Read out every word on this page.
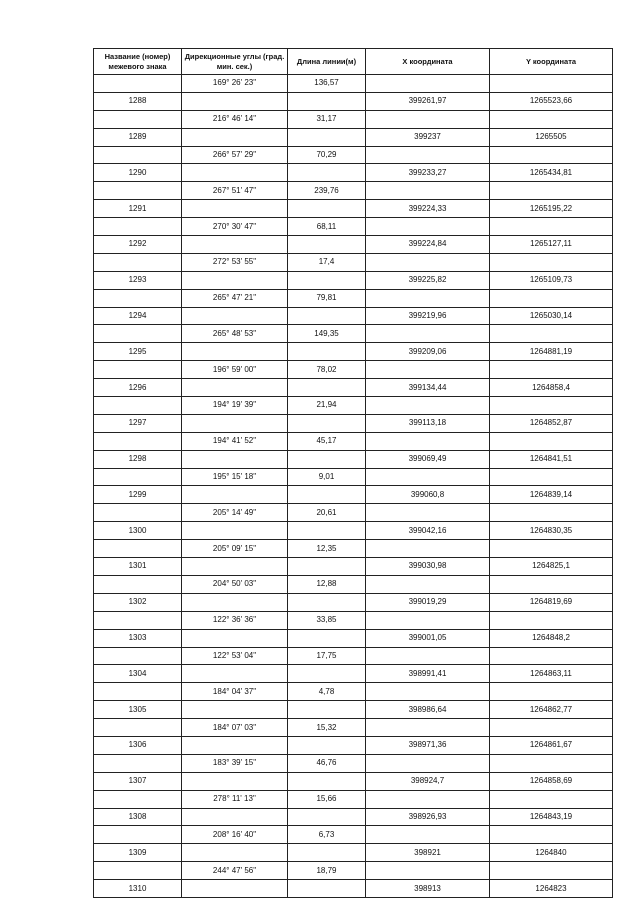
Название (номер) межевого знака	Дирекционные углы (град. мин. сек.)	Длина линии(м)	X координата	Y координата
	169° 26' 23"	136,57		
1288			399261,97	1265523,66
	216° 46' 14"	31,17		
1289			399237	1265505
	266° 57' 29"	70,29		
1290			399233,27	1265434,81
	267° 51' 47"	239,76		
1291			399224,33	1265195,22
	270° 30' 47"	68,11		
1292			399224,84	1265127,11
	272° 53' 55"	17,4		
1293			399225,82	1265109,73
	265° 47' 21"	79,81		
1294			399219,96	1265030,14
	265° 48' 53"	149,35		
1295			399209,06	1264881,19
	196° 59' 00"	78,02		
1296			399134,44	1264858,4
	194° 19' 39"	21,94		
1297			399113,18	1264852,87
	194° 41' 52"	45,17		
1298			399069,49	1264841,51
	195° 15' 18"	9,01		
1299			399060,8	1264839,14
	205° 14' 49"	20,61		
1300			399042,16	1264830,35
	205° 09' 15"	12,35		
1301			399030,98	1264825,1
	204° 50' 03"	12,88		
1302			399019,29	1264819,69
	122° 36' 36"	33,85		
1303			399001,05	1264848,2
	122° 53' 04"	17,75		
1304			398991,41	1264863,11
	184° 04' 37"	4,78		
1305			398986,64	1264862,77
	184° 07' 03"	15,32		
1306			398971,36	1264861,67
	183° 39' 15"	46,76		
1307			398924,7	1264858,69
	278° 11' 13"	15,66		
1308			398926,93	1264843,19
	208° 16' 40"	6,73		
1309			398921	1264840
	244° 47' 56"	18,79		
1310			398913	1264823
